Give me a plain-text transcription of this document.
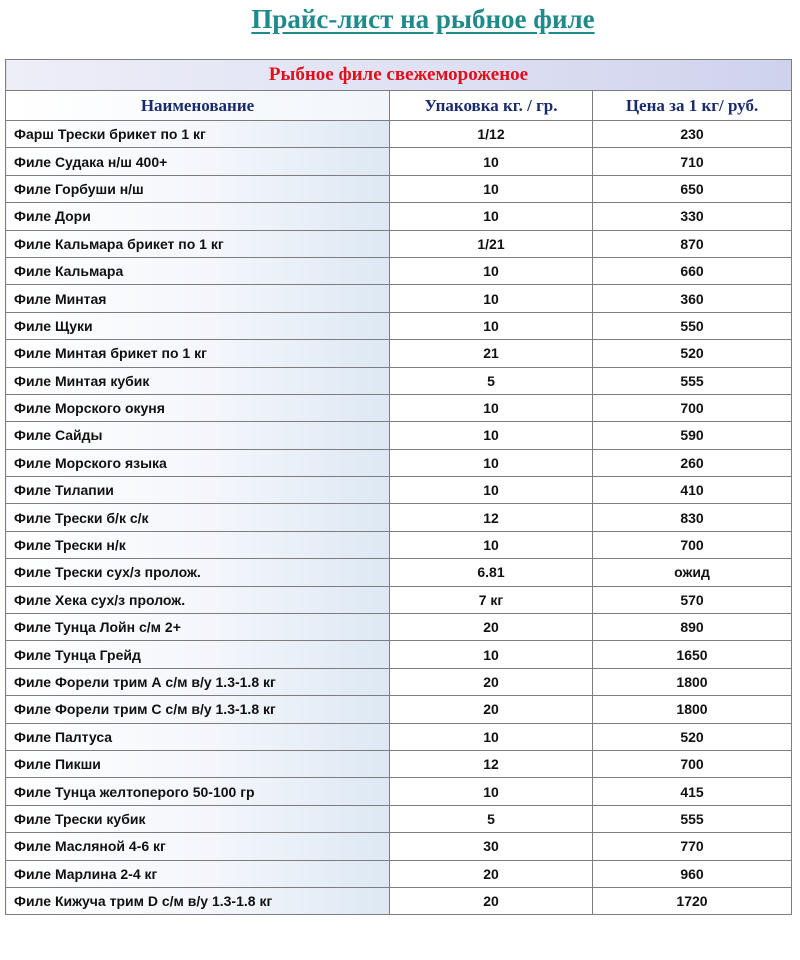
Прайс-лист на рыбное филе
Рыбное филе свежемороженое		
Наименование	Упаковка кг. / гр.	Цена за 1 кг/ руб.
Фарш Трески брикет по 1 кг	1/12	230
Филе Судака н/ш 400+	10	710
Филе Горбуши н/ш	10	650
Филе Дори	10	330
Филе Кальмара брикет по 1 кг	1/21	870
Филе Кальмара	10	660
Филе Минтая	10	360
Филе Щуки	10	550
Филе Минтая брикет по 1 кг	21	520
Филе Минтая кубик	5	555
Филе Морского окуня	10	700
Филе Сайды	10	590
Филе Морского языка	10	260
Филе Тилапии	10	410
Филе Трески б/к с/к	12	830
Филе Трески н/к	10	700
Филе Трески сух/з пролож.	6.81	ожид
Филе Хека сух/з пролож.	7 кг	570
Филе Тунца Лойн с/м 2+	20	890
Филе Тунца Грейд	10	1650
Филе Форели трим А с/м в/у 1.3-1.8 кг	20	1800
Филе Форели трим С с/м в/у 1.3-1.8 кг	20	1800
Филе Палтуса	10	520
Филе Пикши	12	700
Филе Тунца желтоперого 50-100 гр	10	415
Филе Трески кубик	5	555
Филе Масляной 4-6 кг	30	770
Филе Марлина 2-4 кг	20	960
Филе Кижуча трим D с/м в/у 1.3-1.8 кг	20	1720
